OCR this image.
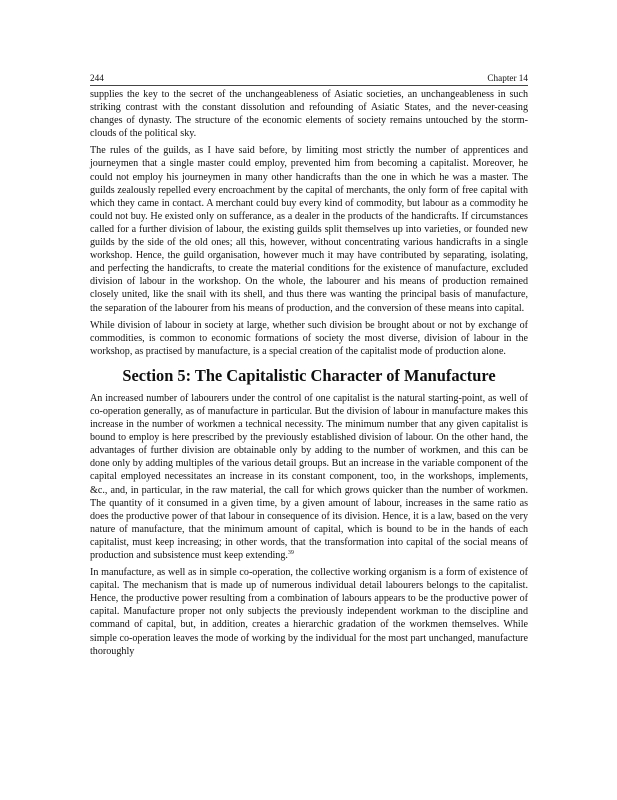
244	Chapter 14

supplies the key to the secret of the unchangeableness of Asiatic societies, an unchangeableness in such striking contrast with the constant dissolution and refounding of Asiatic States, and the never-ceasing changes of dynasty. The structure of the economic elements of society remains untouched by the storm-clouds of the political sky.

The rules of the guilds, as I have said before, by limiting most strictly the number of apprentices and journeymen that a single master could employ, prevented him from becoming a capitalist. Moreover, he could not employ his journeymen in many other handicrafts than the one in which he was a master. The guilds zealously repelled every encroachment by the capital of merchants, the only form of free capital with which they came in contact. A merchant could buy every kind of commodity, but labour as a commodity he could not buy. He existed only on sufferance, as a dealer in the products of the handicrafts. If circumstances called for a further division of labour, the existing guilds split themselves up into varieties, or founded new guilds by the side of the old ones; all this, however, without concentrating various handicrafts in a single workshop. Hence, the guild organisation, however much it may have contributed by separating, isolating, and perfecting the handicrafts, to create the material conditions for the existence of manufacture, excluded division of labour in the workshop. On the whole, the labourer and his means of production remained closely united, like the snail with its shell, and thus there was wanting the principal basis of manufacture, the separation of the labourer from his means of production, and the conversion of these means into capital.

While division of labour in society at large, whether such division be brought about or not by exchange of commodities, is common to economic formations of society the most diverse, division of labour in the workshop, as practised by manufacture, is a special creation of the capitalist mode of production alone.

Section 5: The Capitalistic Character of Manufacture

An increased number of labourers under the control of one capitalist is the natural starting-point, as well of co-operation generally, as of manufacture in particular. But the division of labour in manufacture makes this increase in the number of workmen a technical necessity. The minimum number that any given capitalist is bound to employ is here prescribed by the previously established division of labour. On the other hand, the advantages of further division are obtainable only by adding to the number of workmen, and this can be done only by adding multiples of the various detail groups. But an increase in the variable component of the capital employed necessitates an increase in its constant component, too, in the workshops, implements, &c., and, in particular, in the raw material, the call for which grows quicker than the number of workmen. The quantity of it consumed in a given time, by a given amount of labour, increases in the same ratio as does the productive power of that labour in consequence of its division. Hence, it is a law, based on the very nature of manufacture, that the minimum amount of capital, which is bound to be in the hands of each capitalist, must keep increasing; in other words, that the transformation into capital of the social means of production and subsistence must keep extending.$^{39}$

In manufacture, as well as in simple co-operation, the collective working organism is a form of existence of capital. The mechanism that is made up of numerous individual detail labourers belongs to the capitalist. Hence, the productive power resulting from a combination of labours appears to be the productive power of capital. Manufacture proper not only subjects the previously independent workman to the discipline and command of capital, but, in addition, creates a hierarchic gradation of the workmen themselves. While simple co-operation leaves the mode of working by the individual for the most part unchanged, manufacture thoroughly
